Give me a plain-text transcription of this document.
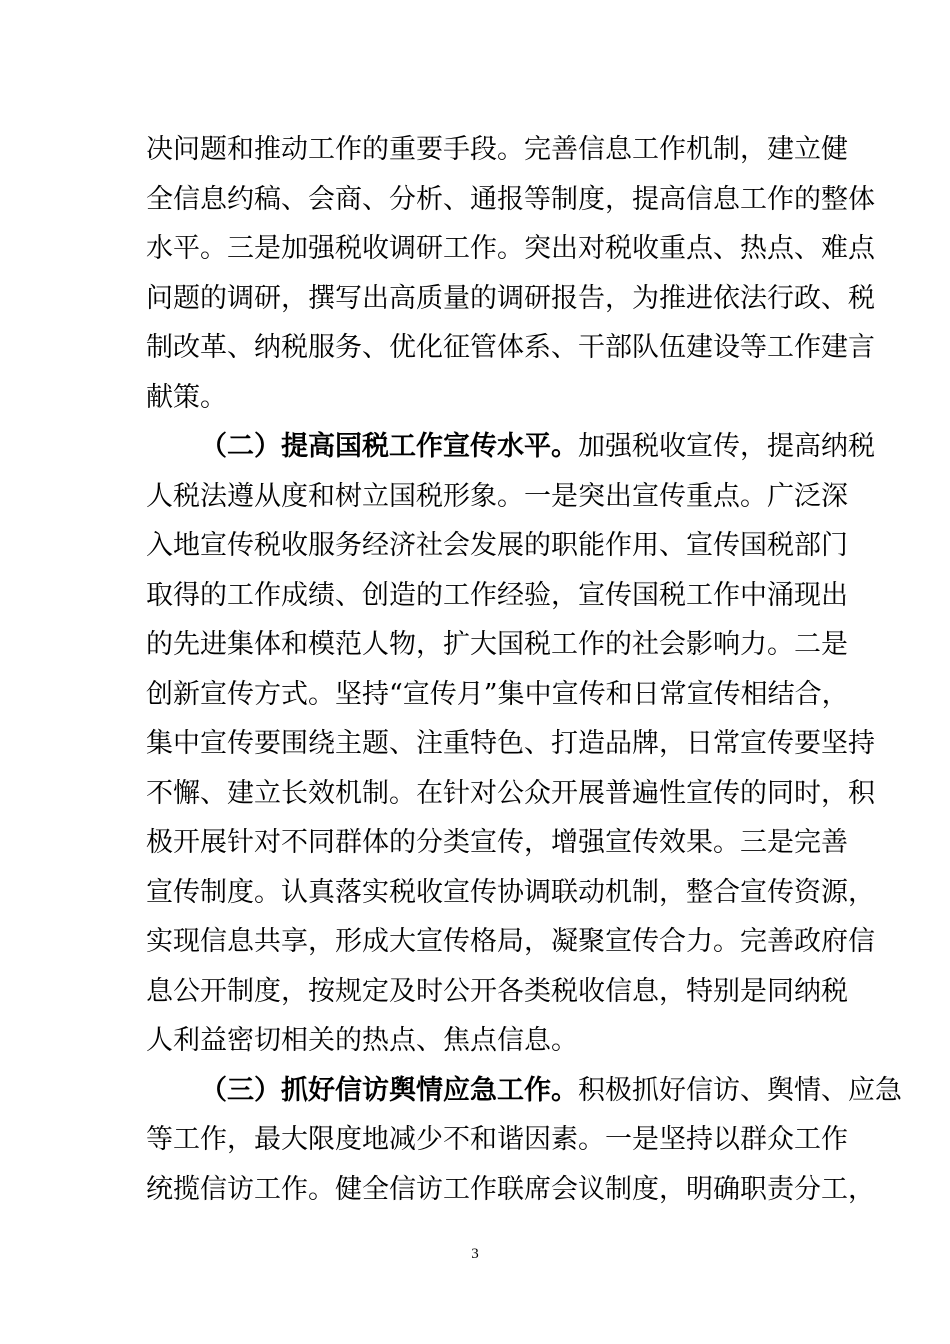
决问题和推动工作的重要手段。完善信息工作机制，建立健
全信息约稿、会商、分析、通报等制度，提高信息工作的整体
水平。三是加强税收调研工作。突出对税收重点、热点、难点
问题的调研，撰写出高质量的调研报告，为推进依法行政、税
制改革、纳税服务、优化征管体系、干部队伍建设等工作建言
献策。
（二）提高国税工作宣传水平。加强税收宣传，提高纳税
人税法遵从度和树立国税形象。一是突出宣传重点。广泛深
入地宣传税收服务经济社会发展的职能作用、宣传国税部门
取得的工作成绩、创造的工作经验，宣传国税工作中涌现出
的先进集体和模范人物，扩大国税工作的社会影响力。二是
创新宣传方式。坚持“宣传月”集中宣传和日常宣传相结合，
集中宣传要围绕主题、注重特色、打造品牌，日常宣传要坚持
不懈、建立长效机制。在针对公众开展普遍性宣传的同时，积
极开展针对不同群体的分类宣传，增强宣传效果。三是完善
宣传制度。认真落实税收宣传协调联动机制，整合宣传资源，
实现信息共享，形成大宣传格局，凝聚宣传合力。完善政府信
息公开制度，按规定及时公开各类税收信息，特别是同纳税
人利益密切相关的热点、焦点信息。
（三）抓好信访舆情应急工作。积极抓好信访、舆情、应急
等工作，最大限度地减少不和谐因素。一是坚持以群众工作
统揽信访工作。健全信访工作联席会议制度，明确职责分工，
3
